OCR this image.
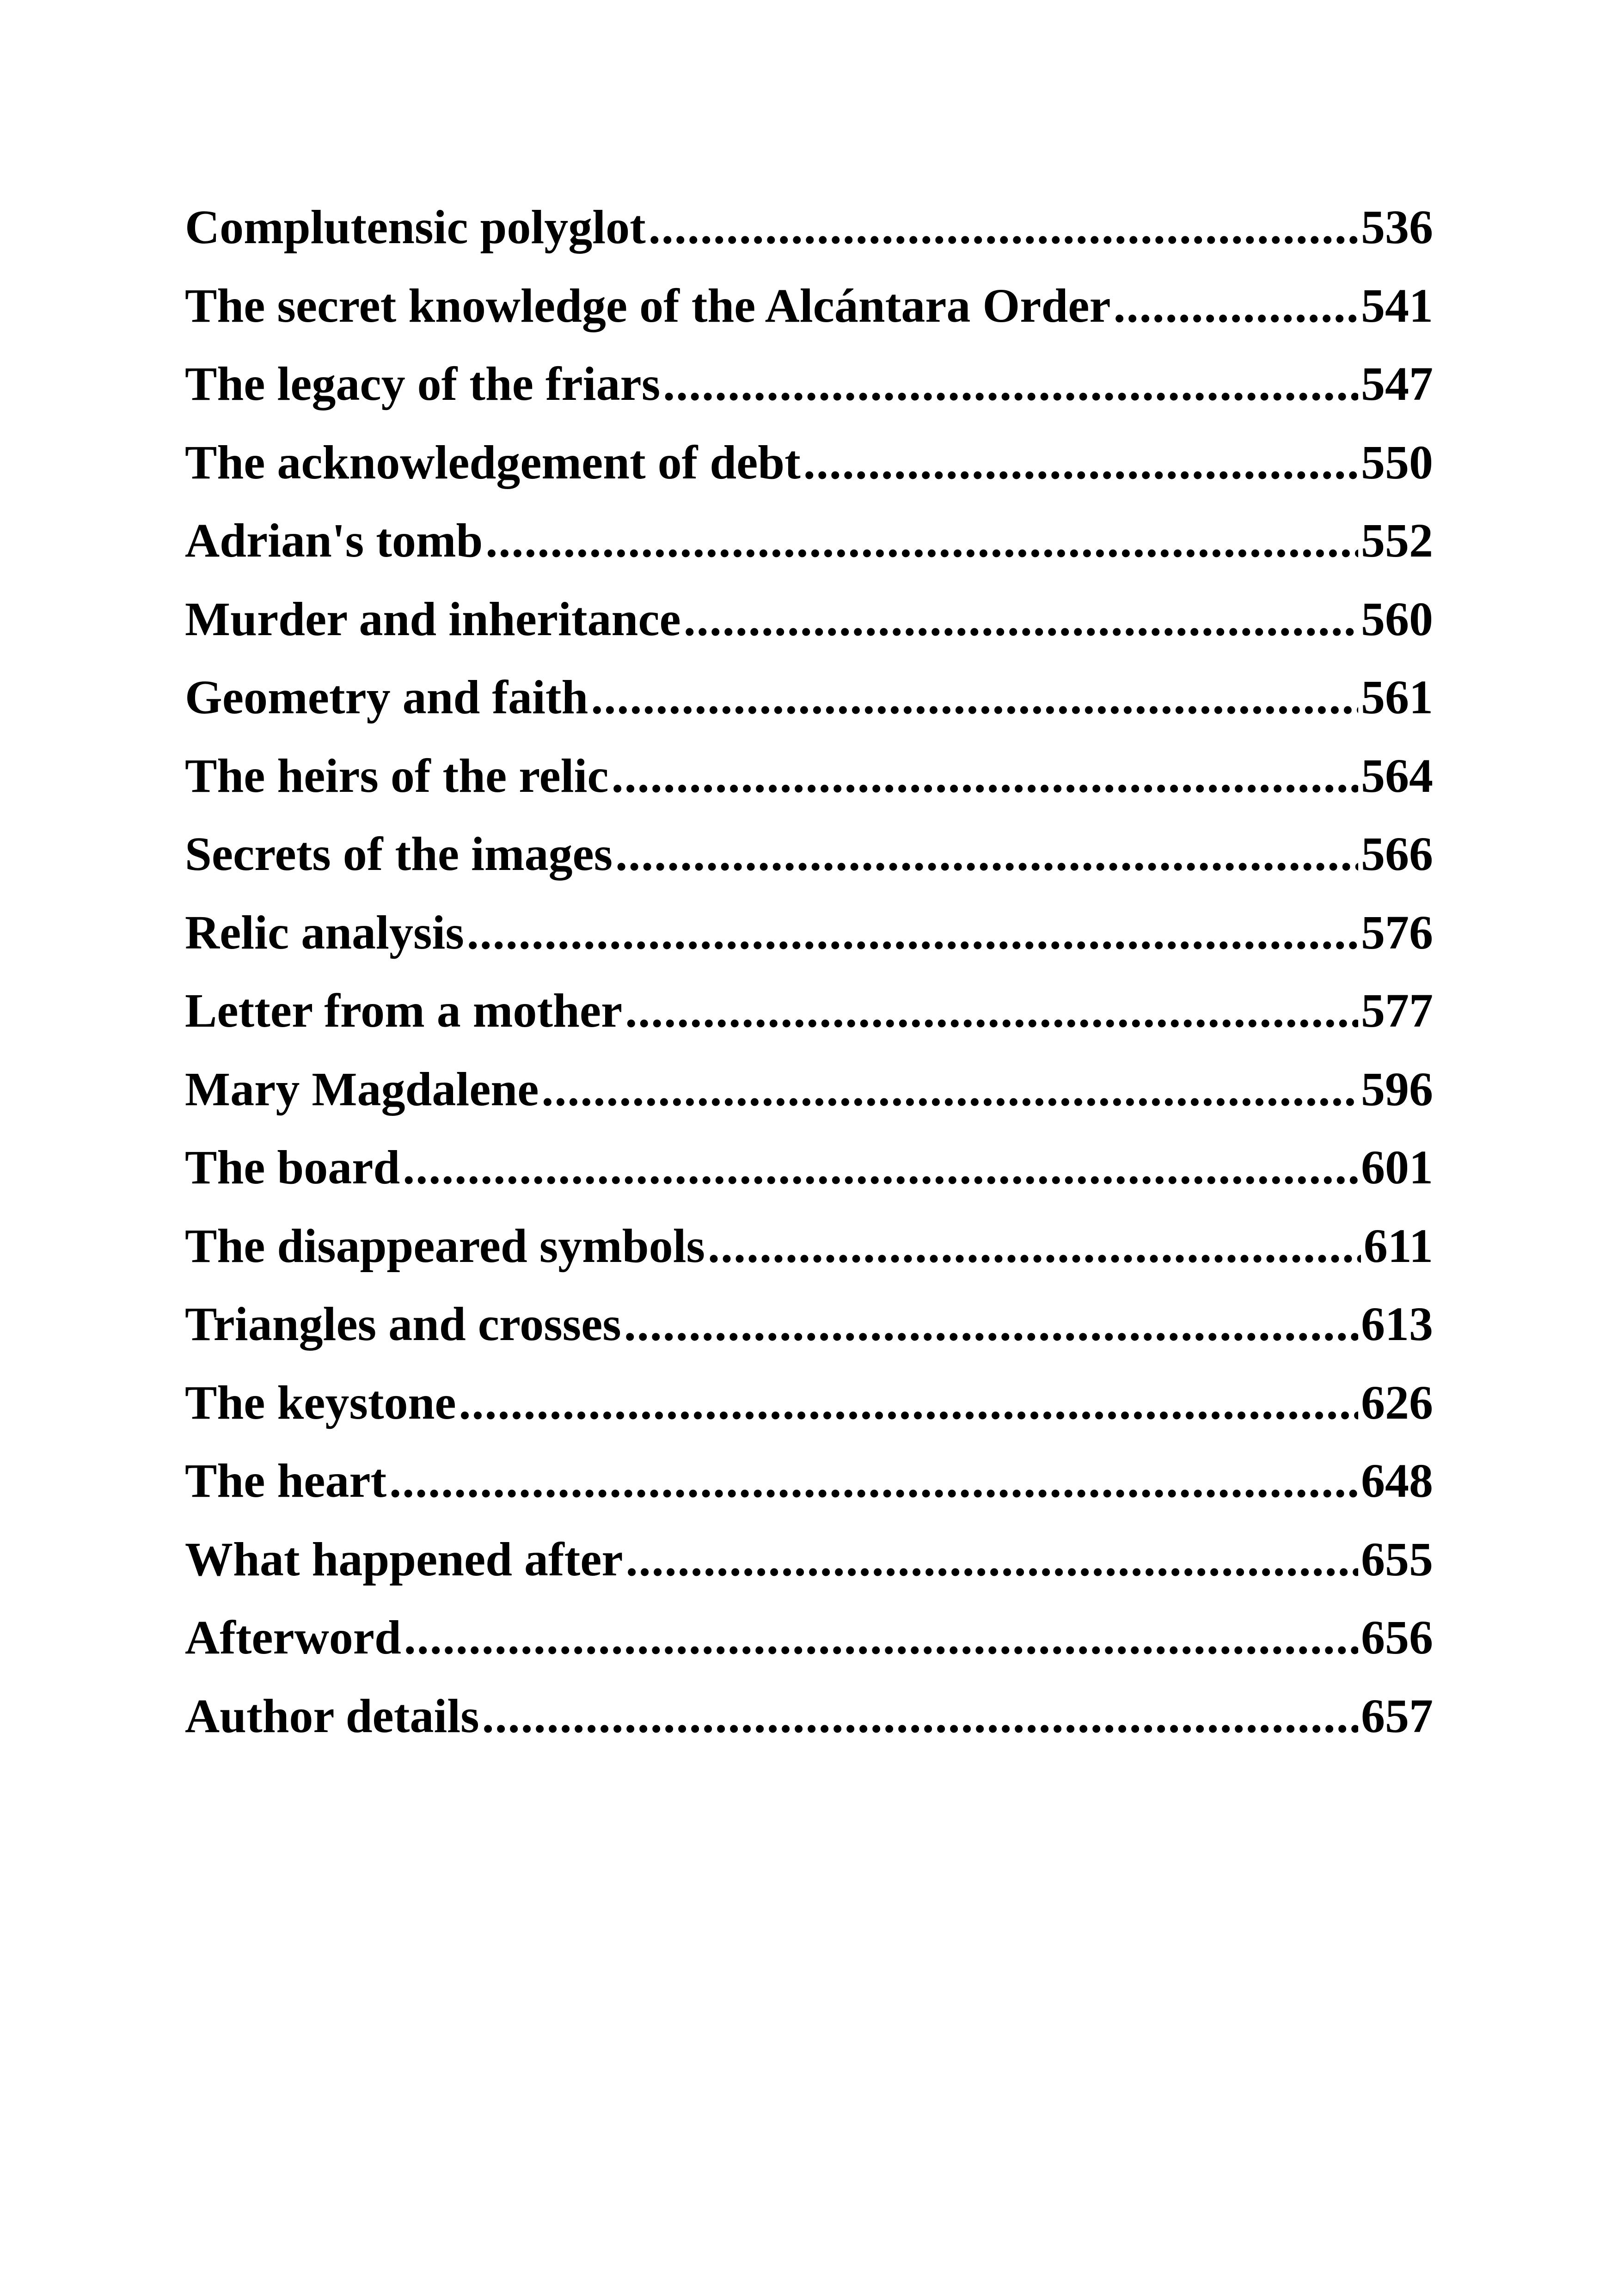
Complutensic polyglot .....	536
The secret knowledge of the Alcántara Order .....	541
The legacy of the friars .....	547
The acknowledgement of debt .....	550
Adrian's tomb .....	552
Murder and inheritance .....	560
Geometry and faith .....	561
The heirs of the relic .....	564
Secrets of the images .....	566
Relic analysis .....	576
Letter from a mother .....	577
Mary Magdalene .....	596
The board .....	601
The disappeared symbols .....	611
Triangles and crosses .....	613
The keystone .....	626
The heart .....	648
What happened after .....	655
Afterword .....	656
Author details .....	657
